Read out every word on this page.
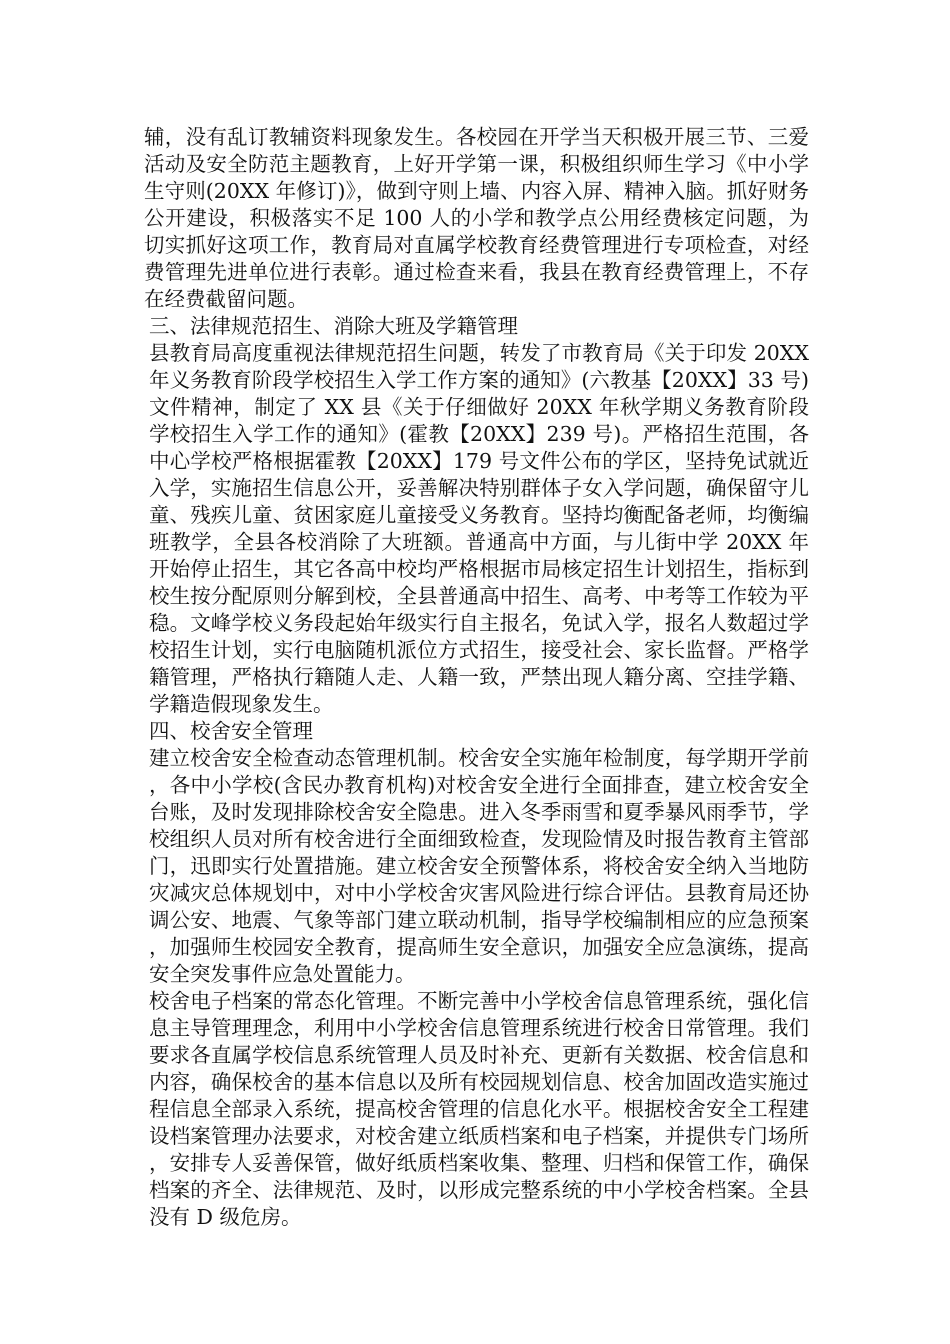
辅，没有乱订教辅资料现象发生。各校园在开学当天积极开展三节、三爱活动及安全防范主题教育，上好开学第一课，积极组织师生学习《中小学生守则(20XX 年修订)》，做到守则上墙、内容入屏、精神入脑。抓好财务公开建设，积极落实不足 100 人的小学和教学点公用经费核定问题，为切实抓好这项工作，教育局对直属学校教育经费管理进行专项检查，对经费管理先进单位进行表彰。通过检查来看，我县在教育经费管理上，不存在经费截留问题。

三、法律规范招生、消除大班及学籍管理

县教育局高度重视法律规范招生问题，转发了市教育局《关于印发 20XX 年义务教育阶段学校招生入学工作方案的通知》(六教基【20XX】33 号)文件精神，制定了 XX 县《关于仔细做好 20XX 年秋学期义务教育阶段学校招生入学工作的通知》(霍教【20XX】239 号)。严格招生范围，各中心学校严格根据霍教【20XX】179 号文件公布的学区，坚持免试就近入学，实施招生信息公开，妥善解决特别群体子女入学问题，确保留守儿童、残疾儿童、贫困家庭儿童接受义务教育。坚持均衡配备老师，均衡编班教学，全县各校消除了大班额。普通高中方面，与儿街中学 20XX 年开始停止招生，其它各高中校均严格根据市局核定招生计划招生，指标到校生按分配原则分解到校，全县普通高中招生、高考、中考等工作较为平稳。文峰学校义务段起始年级实行自主报名，免试入学，报名人数超过学校招生计划，实行电脑随机派位方式招生，接受社会、家长监督。严格学籍管理，严格执行籍随人走、人籍一致，严禁出现人籍分离、空挂学籍、学籍造假现象发生。

四、校舍安全管理

建立校舍安全检查动态管理机制。校舍安全实施年检制度，每学期开学前，各中小学校(含民办教育机构)对校舍安全进行全面排查，建立校舍安全台账，及时发现排除校舍安全隐患。进入冬季雨雪和夏季暴风雨季节，学校组织人员对所有校舍进行全面细致检查，发现险情及时报告教育主管部门，迅即实行处置措施。建立校舍安全预警体系，将校舍安全纳入当地防灾减灾总体规划中，对中小学校舍灾害风险进行综合评估。县教育局还协调公安、地震、气象等部门建立联动机制，指导学校编制相应的应急预案，加强师生校园安全教育，提高师生安全意识，加强安全应急演练，提高安全突发事件应急处置能力。

校舍电子档案的常态化管理。不断完善中小学校舍信息管理系统，强化信息主导管理理念，利用中小学校舍信息管理系统进行校舍日常管理。我们要求各直属学校信息系统管理人员及时补充、更新有关数据、校舍信息和内容，确保校舍的基本信息以及所有校园规划信息、校舍加固改造实施过程信息全部录入系统，提高校舍管理的信息化水平。根据校舍安全工程建设档案管理办法要求，对校舍建立纸质档案和电子档案，并提供专门场所，安排专人妥善保管，做好纸质档案收集、整理、归档和保管工作，确保档案的齐全、法律规范、及时，以形成完整系统的中小学校舍档案。全县没有 D 级危房。
